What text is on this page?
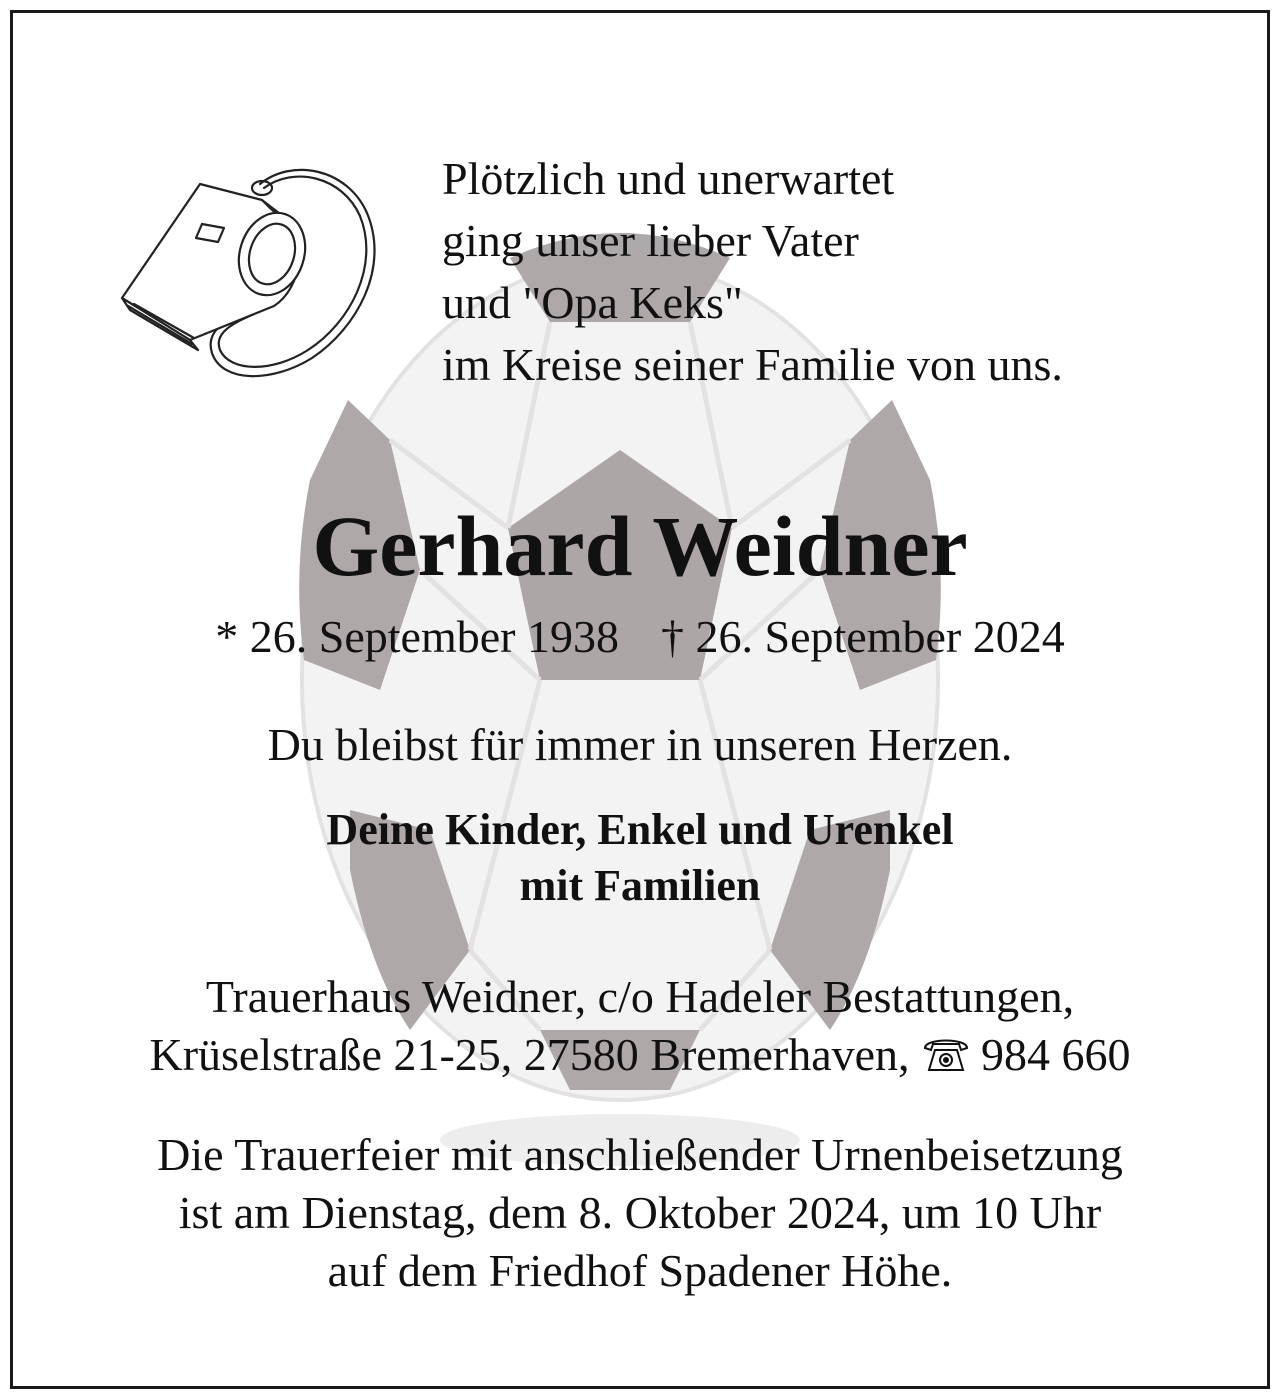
Plötzlich und unerwartet
ging unser lieber Vater
und "Opa Keks"
im Kreise seiner Familie von uns.
Gerhard Weidner
* 26. September 1938 † 26. September 2024
Du bleibst für immer in unseren Herzen.
Deine Kinder, Enkel und Urenkel
mit Familien
Trauerhaus Weidner, c/o Hadeler Bestattungen,
Krüselstraße 21-25, 27580 Bremerhaven, 984 660
Die Trauerfeier mit anschließender Urnenbeisetzung
ist am Dienstag, dem 8. Oktober 2024, um 10 Uhr
auf dem Friedhof Spadener Höhe.
